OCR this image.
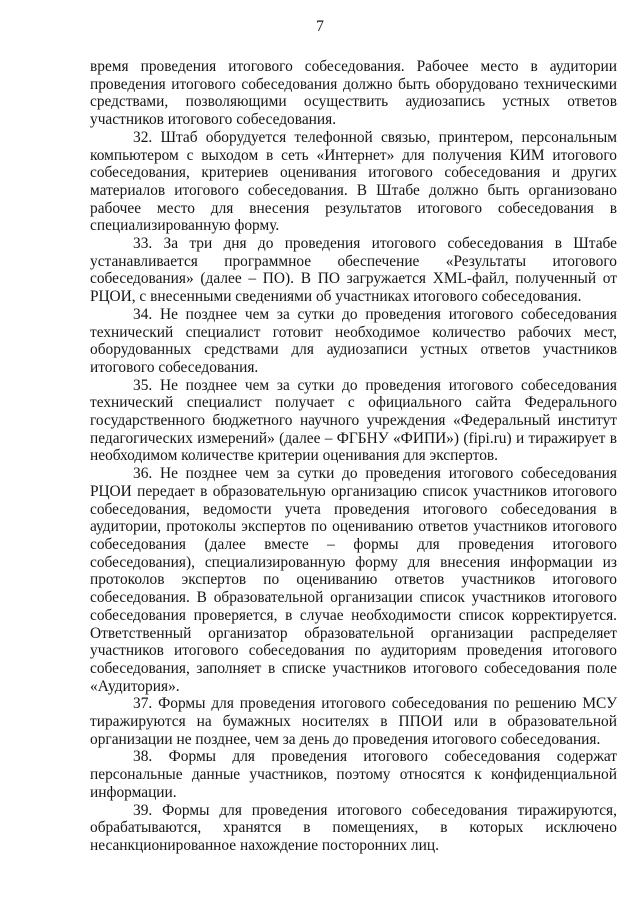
7

время проведения итогового собеседования. Рабочее место в аудитории проведения итогового собеседования должно быть оборудовано техническими средствами, позволяющими осуществить аудиозапись устных ответов участников итогового собеседования.

32. Штаб оборудуется телефонной связью, принтером, персональным компьютером с выходом в сеть «Интернет» для получения КИМ итогового собеседования, критериев оценивания итогового собеседования и других материалов итогового собеседования. В Штабе должно быть организовано рабочее место для внесения результатов итогового собеседования в специализированную форму.

33. За три дня до проведения итогового собеседования в Штабе устанавливается программное обеспечение «Результаты итогового собеседования» (далее – ПО). В ПО загружается XML-файл, полученный от РЦОИ, с внесенными сведениями об участниках итогового собеседования.

34. Не позднее чем за сутки до проведения итогового собеседования технический специалист готовит необходимое количество рабочих мест, оборудованных средствами для аудиозаписи устных ответов участников итогового собеседования.

35. Не позднее чем за сутки до проведения итогового собеседования технический специалист получает с официального сайта Федерального государственного бюджетного научного учреждения «Федеральный институт педагогических измерений» (далее – ФГБНУ «ФИПИ») (fipi.ru) и тиражирует в необходимом количестве критерии оценивания для экспертов.

36. Не позднее чем за сутки до проведения итогового собеседования РЦОИ передает в образовательную организацию список участников итогового собеседования, ведомости учета проведения итогового собеседования в аудитории, протоколы экспертов по оцениванию ответов участников итогового собеседования (далее вместе – формы для проведения итогового собеседования), специализированную форму для внесения информации из протоколов экспертов по оцениванию ответов участников итогового собеседования. В образовательной организации список участников итогового собеседования проверяется, в случае необходимости список корректируется. Ответственный организатор образовательной организации распределяет участников итогового собеседования по аудиториям проведения итогового собеседования, заполняет в списке участников итогового собеседования поле «Аудитория».

37. Формы для проведения итогового собеседования по решению МСУ тиражируются на бумажных носителях в ППОИ или в образовательной организации не позднее, чем за день до проведения итогового собеседования.

38. Формы для проведения итогового собеседования содержат персональные данные участников, поэтому относятся к конфиденциальной информации.

39. Формы для проведения итогового собеседования тиражируются, обрабатываются, хранятся в помещениях, в которых исключено несанкционированное нахождение посторонних лиц.
